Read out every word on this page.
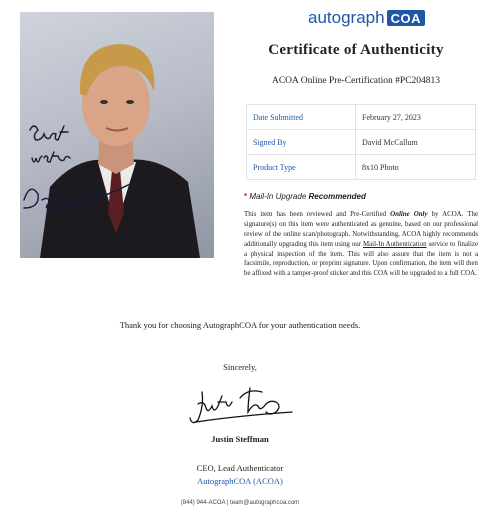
autograph COA
Certificate of Authenticity
ACOA Online Pre-Certification #PC204813
Date Submitted	February 27, 2023
Signed By	David McCallum
Product Type	8x10 Photo
* Mail-In Upgrade Recommended
This item has been reviewed and Pre-Certified Online Only by ACOA. The signature(s) on this item were authenticated as genuine, based on our professional review of the online scan/photograph. Notwithstanding, ACOA highly recommends additionally upgrading this item using our Mail-In Authentication service to finalize a physical inspection of the item. This will also assure that the item is not a facsimile, reproduction, or preprint signature. Upon confirmation, the item will then be affixed with a tamper-proof sticker and this COA will be upgraded to a full COA.
Thank you for choosing AutographCOA for your authentication needs.
Sincerely,
Justin Steffman
CEO, Lead Authenticator
AutographCOA (ACOA)
(844) 944-ACOA | team@autographcoa.com
